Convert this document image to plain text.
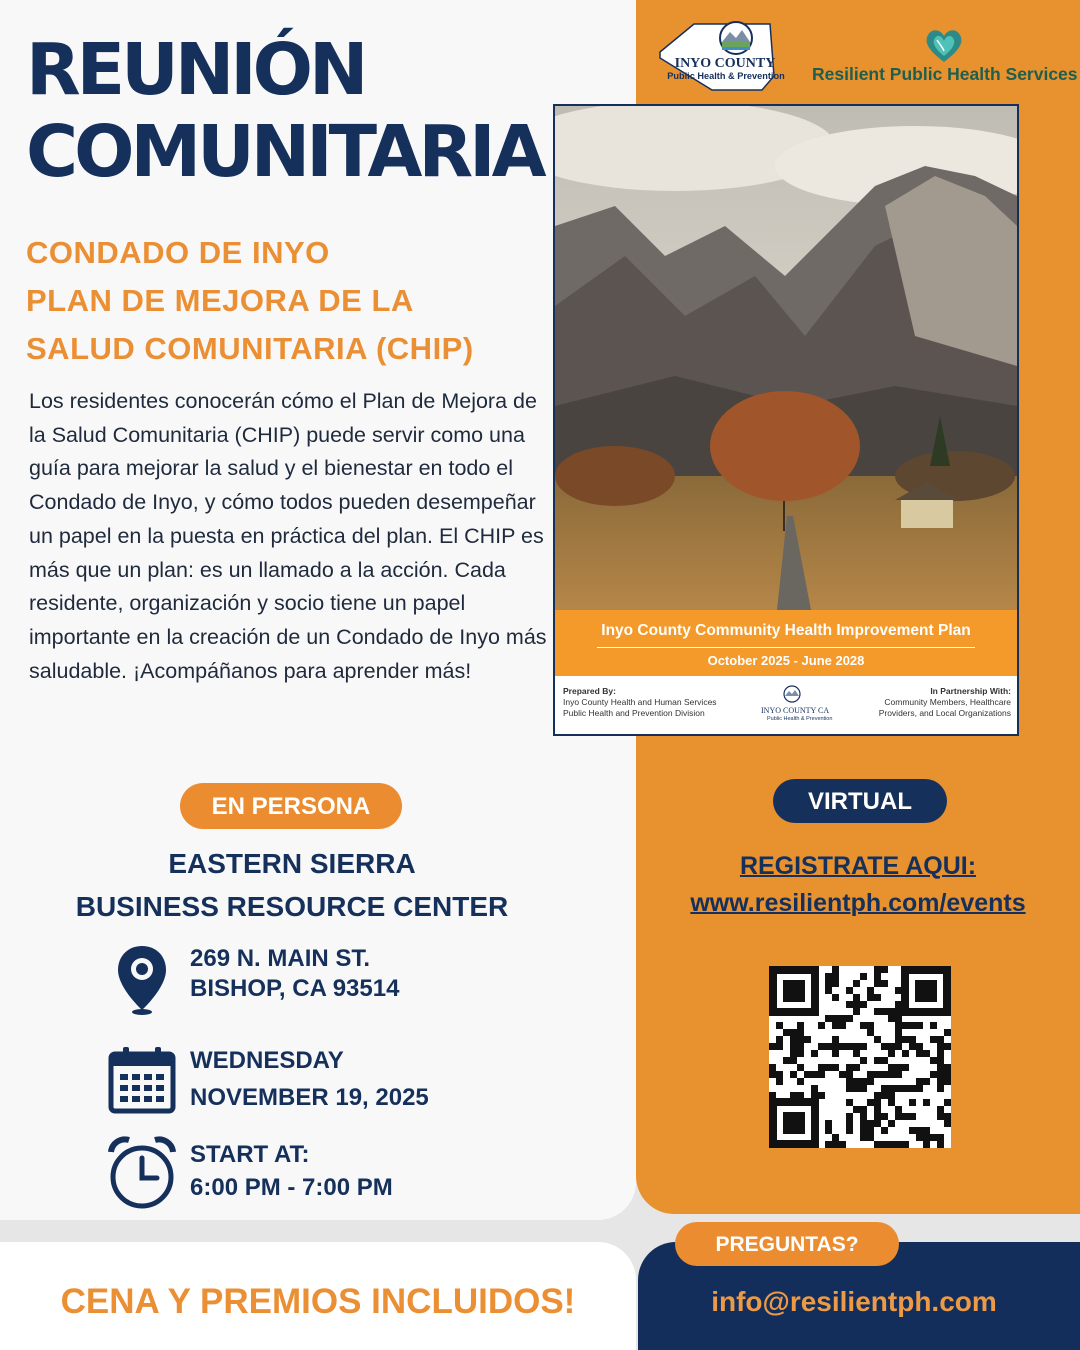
REUNIÓN
COMUNITARIA
CONDADO DE INYO
PLAN DE MEJORA DE LA
SALUD COMUNITARIA (CHIP)

Los residentes conocerán cómo el Plan de Mejora de la Salud Comunitaria (CHIP) puede servir como una guía para mejorar la salud y el bienestar en todo el Condado de Inyo, y cómo todos pueden desempeñar un papel en la puesta en práctica del plan. El CHIP es más que un plan: es un llamado a la acción. Cada residente, organización y socio tiene un papel importante en la creación de un Condado de Inyo más saludable. ¡Acompáñanos para aprender más!

INYO COUNTY
Public Health & Prevention	Resilient Public Health Services
Inyo County Community Health Improvement Plan
October 2025 - June 2028
Prepared By:
Inyo County Health and Human Services
Public Health and Prevention Division	INYO COUNTY CA
Public Health & Prevention
In Partnership With:
Community Members, Healthcare
Providers, and Local Organizations
EN PERSONA
EASTERN SIERRA
BUSINESS RESOURCE CENTER
269 N. MAIN ST.
BISHOP, CA 93514
WEDNESDAY
NOVEMBER 19, 2025
START AT:
6:00 PM - 7:00 PM
VIRTUAL
REGISTRATE AQUI:
www.resilientph.com/events
CENA Y PREMIOS INCLUIDOS!
PREGUNTAS?
info@resilientph.com
